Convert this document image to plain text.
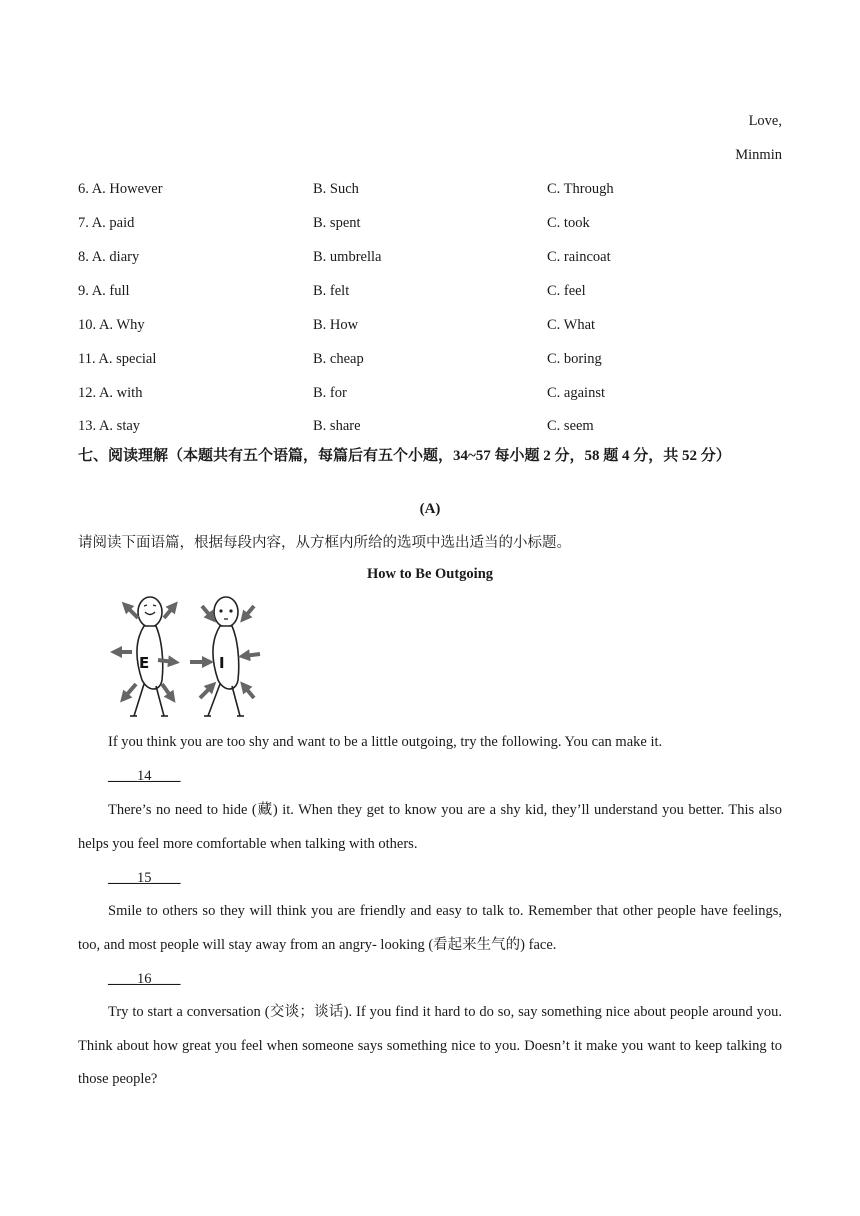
Love,
Minmin
6. A. However	B. Such	C. Through
7. A. paid	B. spent	C. took
8. A. diary	B. umbrella	C. raincoat
9. A. full	B. felt	C. feel
10. A. Why	B. How	C. What
11. A. special	B. cheap	C. boring
12. A. with	B. for	C. against
13. A. stay	B. share	C. seem
七、阅读理解（本题共有五个语篇，每篇后有五个小题，34~57 每小题 2 分，58 题 4 分，共 52 分）
(A)
请阅读下面语篇，根据每段内容，从方框内所给的选项中选出适当的小标题。
How to Be Outgoing
E	I
If you think you are too shy and want to be a little outgoing, try the following. You can make it.
____14____
There’s no need to hide (藏) it. When they get to know you are a shy kid, they’ll understand you better. This also helps you feel more comfortable when talking with others.
____15____
Smile to others so they will think you are friendly and easy to talk to. Remember that other people have feelings, too, and most people will stay away from an angry- looking (看起来生气的) face.
____16____
Try to start a conversation (交谈；谈话). If you find it hard to do so, say something nice about people around you. Think about how great you feel when someone says something nice to you. Doesn’t it make you want to keep talking to those people?
